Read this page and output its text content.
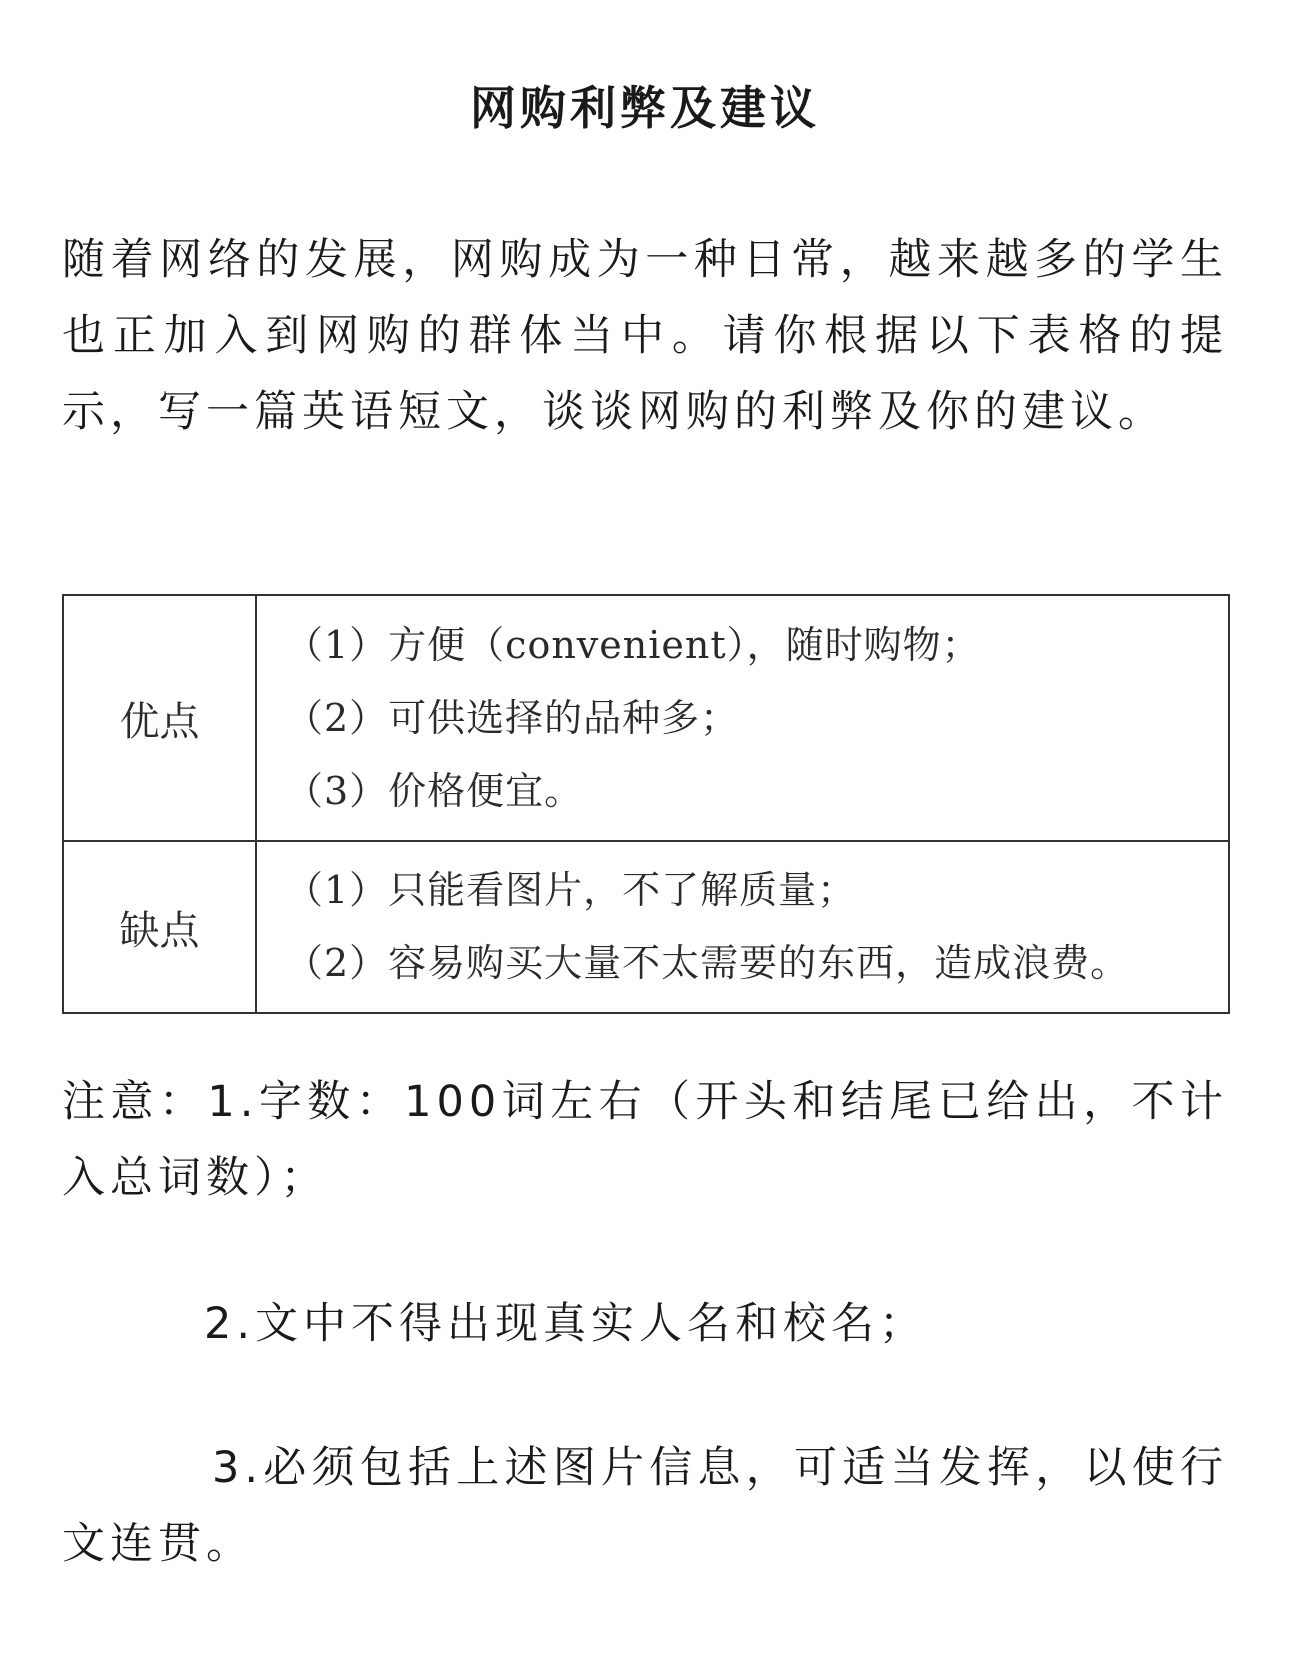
网购利弊及建议

随着网络的发展，网购成为一种日常，越来越多的学生也正加入到网购的群体当中。请你根据以下表格的提示，写一篇英语短文，谈谈网购的利弊及你的建议。

优点	（1）方便（convenient），随时购物；
（2）可供选择的品种多；
（3）价格便宜。

缺点	（1）只能看图片，不了解质量；
（2）容易购买大量不太需要的东西，造成浪费。

注意：1.字数：100词左右（开头和结尾已给出，不计入总词数）；

2.文中不得出现真实人名和校名；

3.必须包括上述图片信息，可适当发挥，以使行文连贯。
